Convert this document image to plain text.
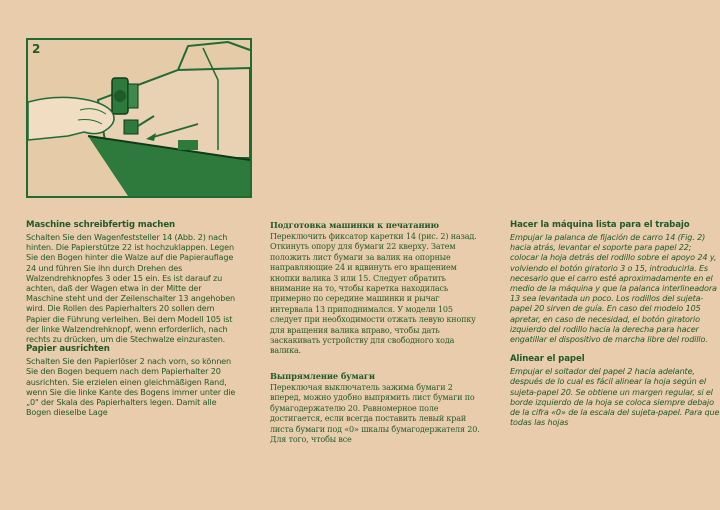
2
Maschine schreibfertig machen

Schalten Sie den Wagenfeststeller 14 (Abb. 2) nach hinten. Die Papierstütze 22 ist hochzuklappen. Legen Sie den Bogen hinter die Walze auf die Papierauflage 24 und führen Sie ihn durch Drehen des Walzendrehknopfes 3 oder 15 ein. Es ist darauf zu achten, daß der Wagen etwa in der Mitte der Maschine steht und der Zeilenschalter 13 angehoben wird. Die Rollen des Papierhalters 20 sollen dem Papier die Führung verleihen. Bei dem Modell 105 ist der linke Walzendrehknopf, wenn erforderlich, nach rechts zu drücken, um die Stechwalze einzurasten.

Papier ausrichten

Schalten Sie den Papierlöser 2 nach vorn, so können Sie den Bogen bequem nach dem Papierhalter 20 ausrichten. Sie erzielen einen gleichmäßigen Rand, wenn Sie die linke Kante des Bogens immer unter die „0" der Skala des Papierhalters legen. Damit alle Bogen dieselbe Lage

Подготовка машинки к печатанию

Переключить фиксатор каретки 14 (рис. 2) назад. Откинуть опору для бумаги 22 кверху. Затем положить лист бумаги за валик на опорные направляющие 24 и вдвинуть его вращением кнопки валика 3 или 15. Следует обратить внимание на то, чтобы каретка находилась примерно по середине машинки и рычаг интервала 13 приподнимался. У модели 105 следует при необходимости отжать левую кнопку для вращения валика вправо, чтобы дать заскакивать устройству для свободного хода валика.

Выпрямление бумаги

Переключая выключатель зажима бумаги 2 вперед, можно удобно выпрямить лист бумаги по бумагодержателю 20. Равномерное поле достигается, если всегда поставить левый край листа бумаги под «0» шкалы бумагодержателя 20. Для того, чтобы все

Hacer la máquina lista para el trabajo

Empujar la palanca de fijación de carro 14 (Fig. 2) hacia atrás, levantar el soporte para papel 22; colocar la hoja detrás del rodillo sobre el apoyo 24 y, volviendo el botón giratorio 3 o 15, introducirla. Es necesario que el carro esté aproximadamente en el medio de la máquina y que la palanca interlineadora 13 sea levantada un poco. Los rodillos del sujeta-papel 20 sirven de guía. En caso del modelo 105 apretar, en caso de necesidad, el botón giratorio izquierdo del rodillo hacia la derecha para hacer engatillar el dispositivo de marcha libre del rodillo.

Alinear el papel

Empujar el soltador del papel 2 hacia adelante, después de lo cual es fácil alinear la hoja según el sujeta-papel 20. Se obtiene un margen regular, si el borde izquierdo de la hoja se coloca siempre debajo de la cifra «0» de la escala del sujeta-papel. Para que todas las hojas
